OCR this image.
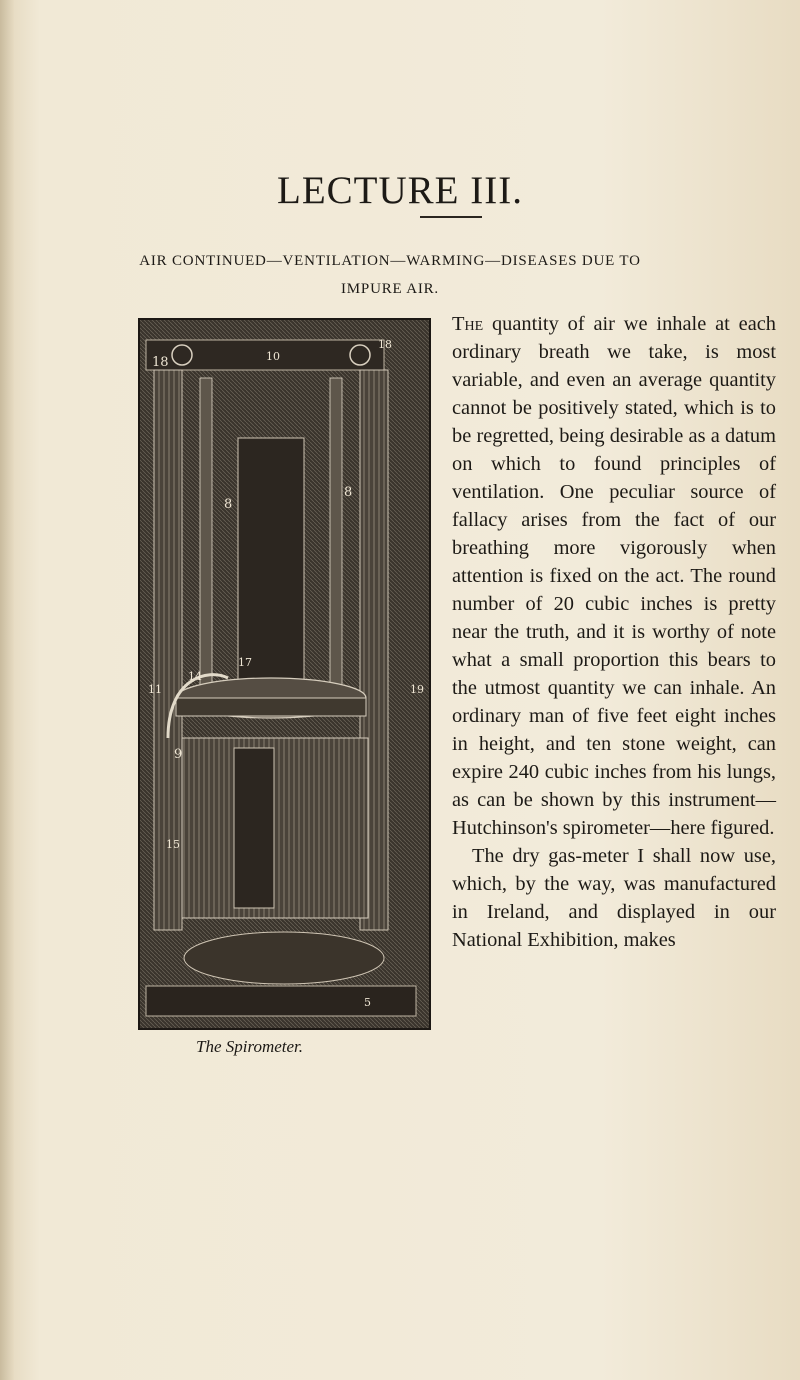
LECTURE III.
AIR CONTINUED—VENTILATION—WARMING—DISEASES DUE TO IMPURE AIR.
18	10
18
8
8
17
14
11	19
9
15
5
The Spirometer.

The quantity of air we inhale at each ordinary breath we take, is most variable, and even an average quantity cannot be positively stated, which is to be regretted, being desirable as a datum on which to found principles of ventilation. One peculiar source of fallacy arises from the fact of our breathing more vigorously when attention is fixed on the act. The round number of 20 cubic inches is pretty near the truth, and it is worthy of note what a small proportion this bears to the utmost quantity we can inhale. An ordinary man of five feet eight inches in height, and ten stone weight, can expire 240 cubic inches from his lungs, as can be shown by this instrument—Hutchinson's spirometer—here figured.

The dry gas-meter I shall now use, which, by the way, was manufactured in Ireland, and displayed in our National Exhibition, makes
